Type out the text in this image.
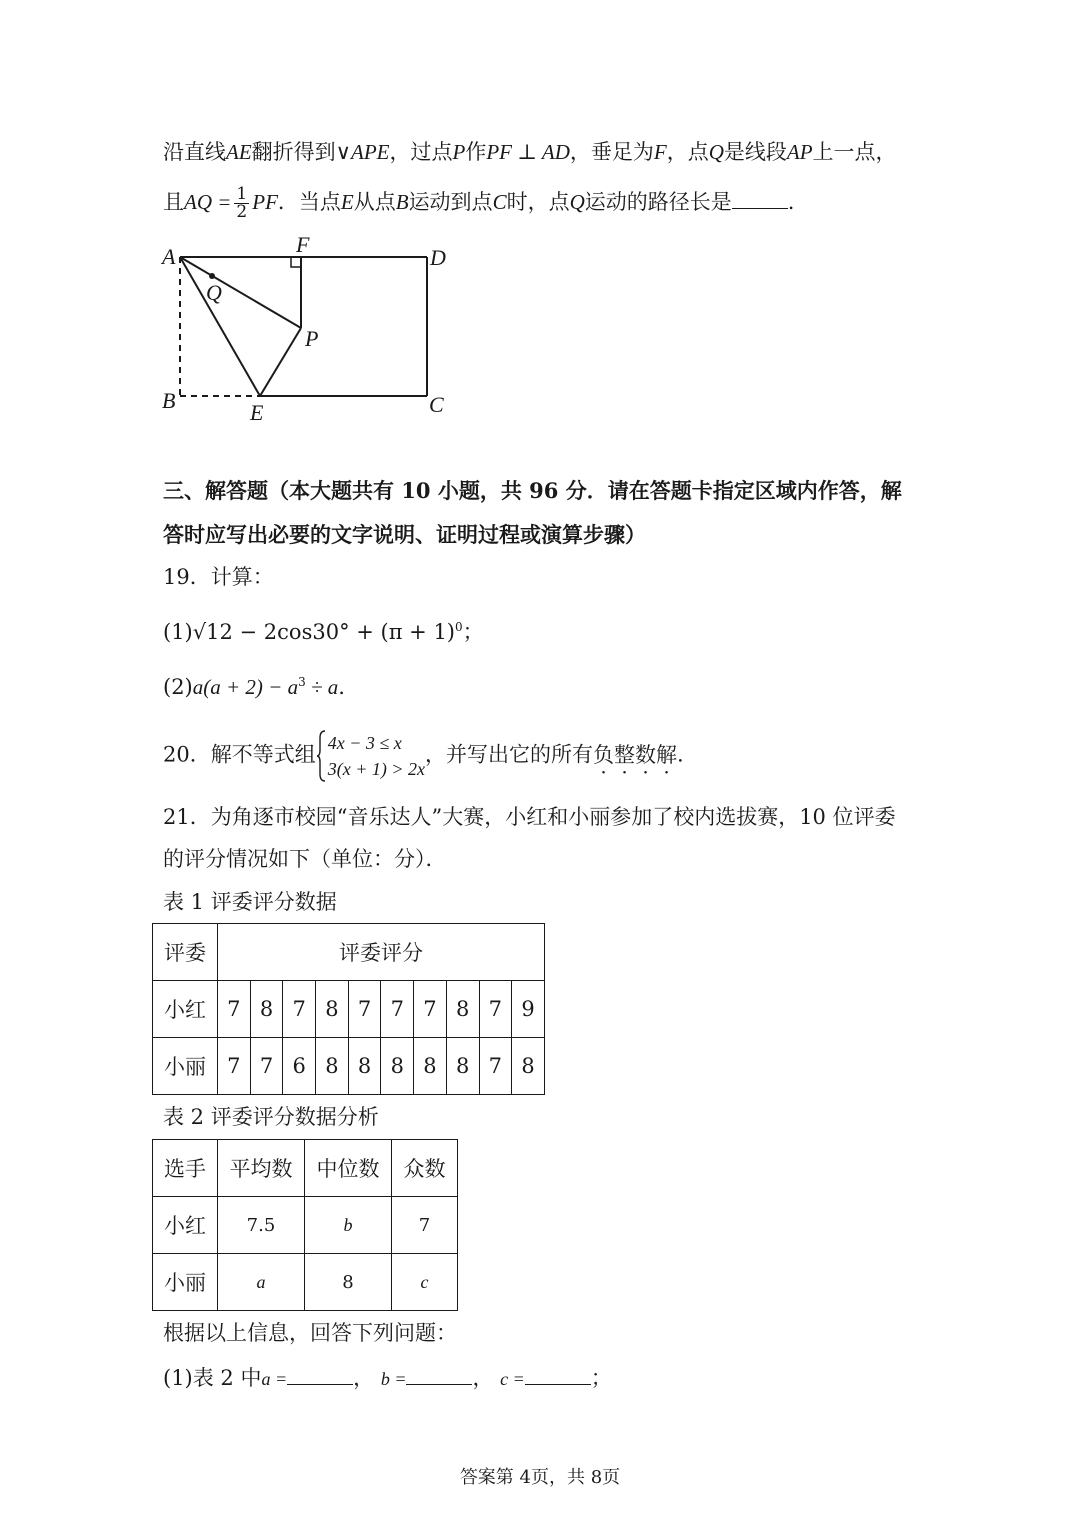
沿直线AE翻折得到∨APE，过点P作PF ⊥ AD，垂足为F，点Q是线段AP上一点，
且AQ = $\frac{1}{2}$ PF．当点E从点B运动到点C时，点Q运动的路径长是	.
A	F
D
Q
P
B	E	C
三、解答题（本大题共有 10 小题，共 96 分．请在答题卡指定区域内作答，解
答时应写出必要的文字说明、证明过程或演算步骤）
19．计算：
$(1)√12 - 2\cos 30^\circ + (\pi + 1)^0$；
$(2)a(a + 2) - a^3 \div a$.
20．解不等式组 4x − 3 ≤ x
3(x + 1) > 2x
，并写出它的所有负整数解.
21．为角逐市校园“音乐达人”大赛，小红和小丽参加了校内选拔赛，10 位评委
的评分情况如下（单位：分）．
表 1 评委评分数据
评委	评委评分									
小红	7	8	7	8	7	7	7	8	7	9
小丽	7	7	6	8	8	8	8	8	7	8
表 2 评委评分数据分析
选手	平均数	中位数	众数
小红	7.5	b	7
小丽	a	8	c
根据以上信息，回答下列问题：
(1)表 2 中a =	， b =	， c =	；
答案第 4页，共 8页
